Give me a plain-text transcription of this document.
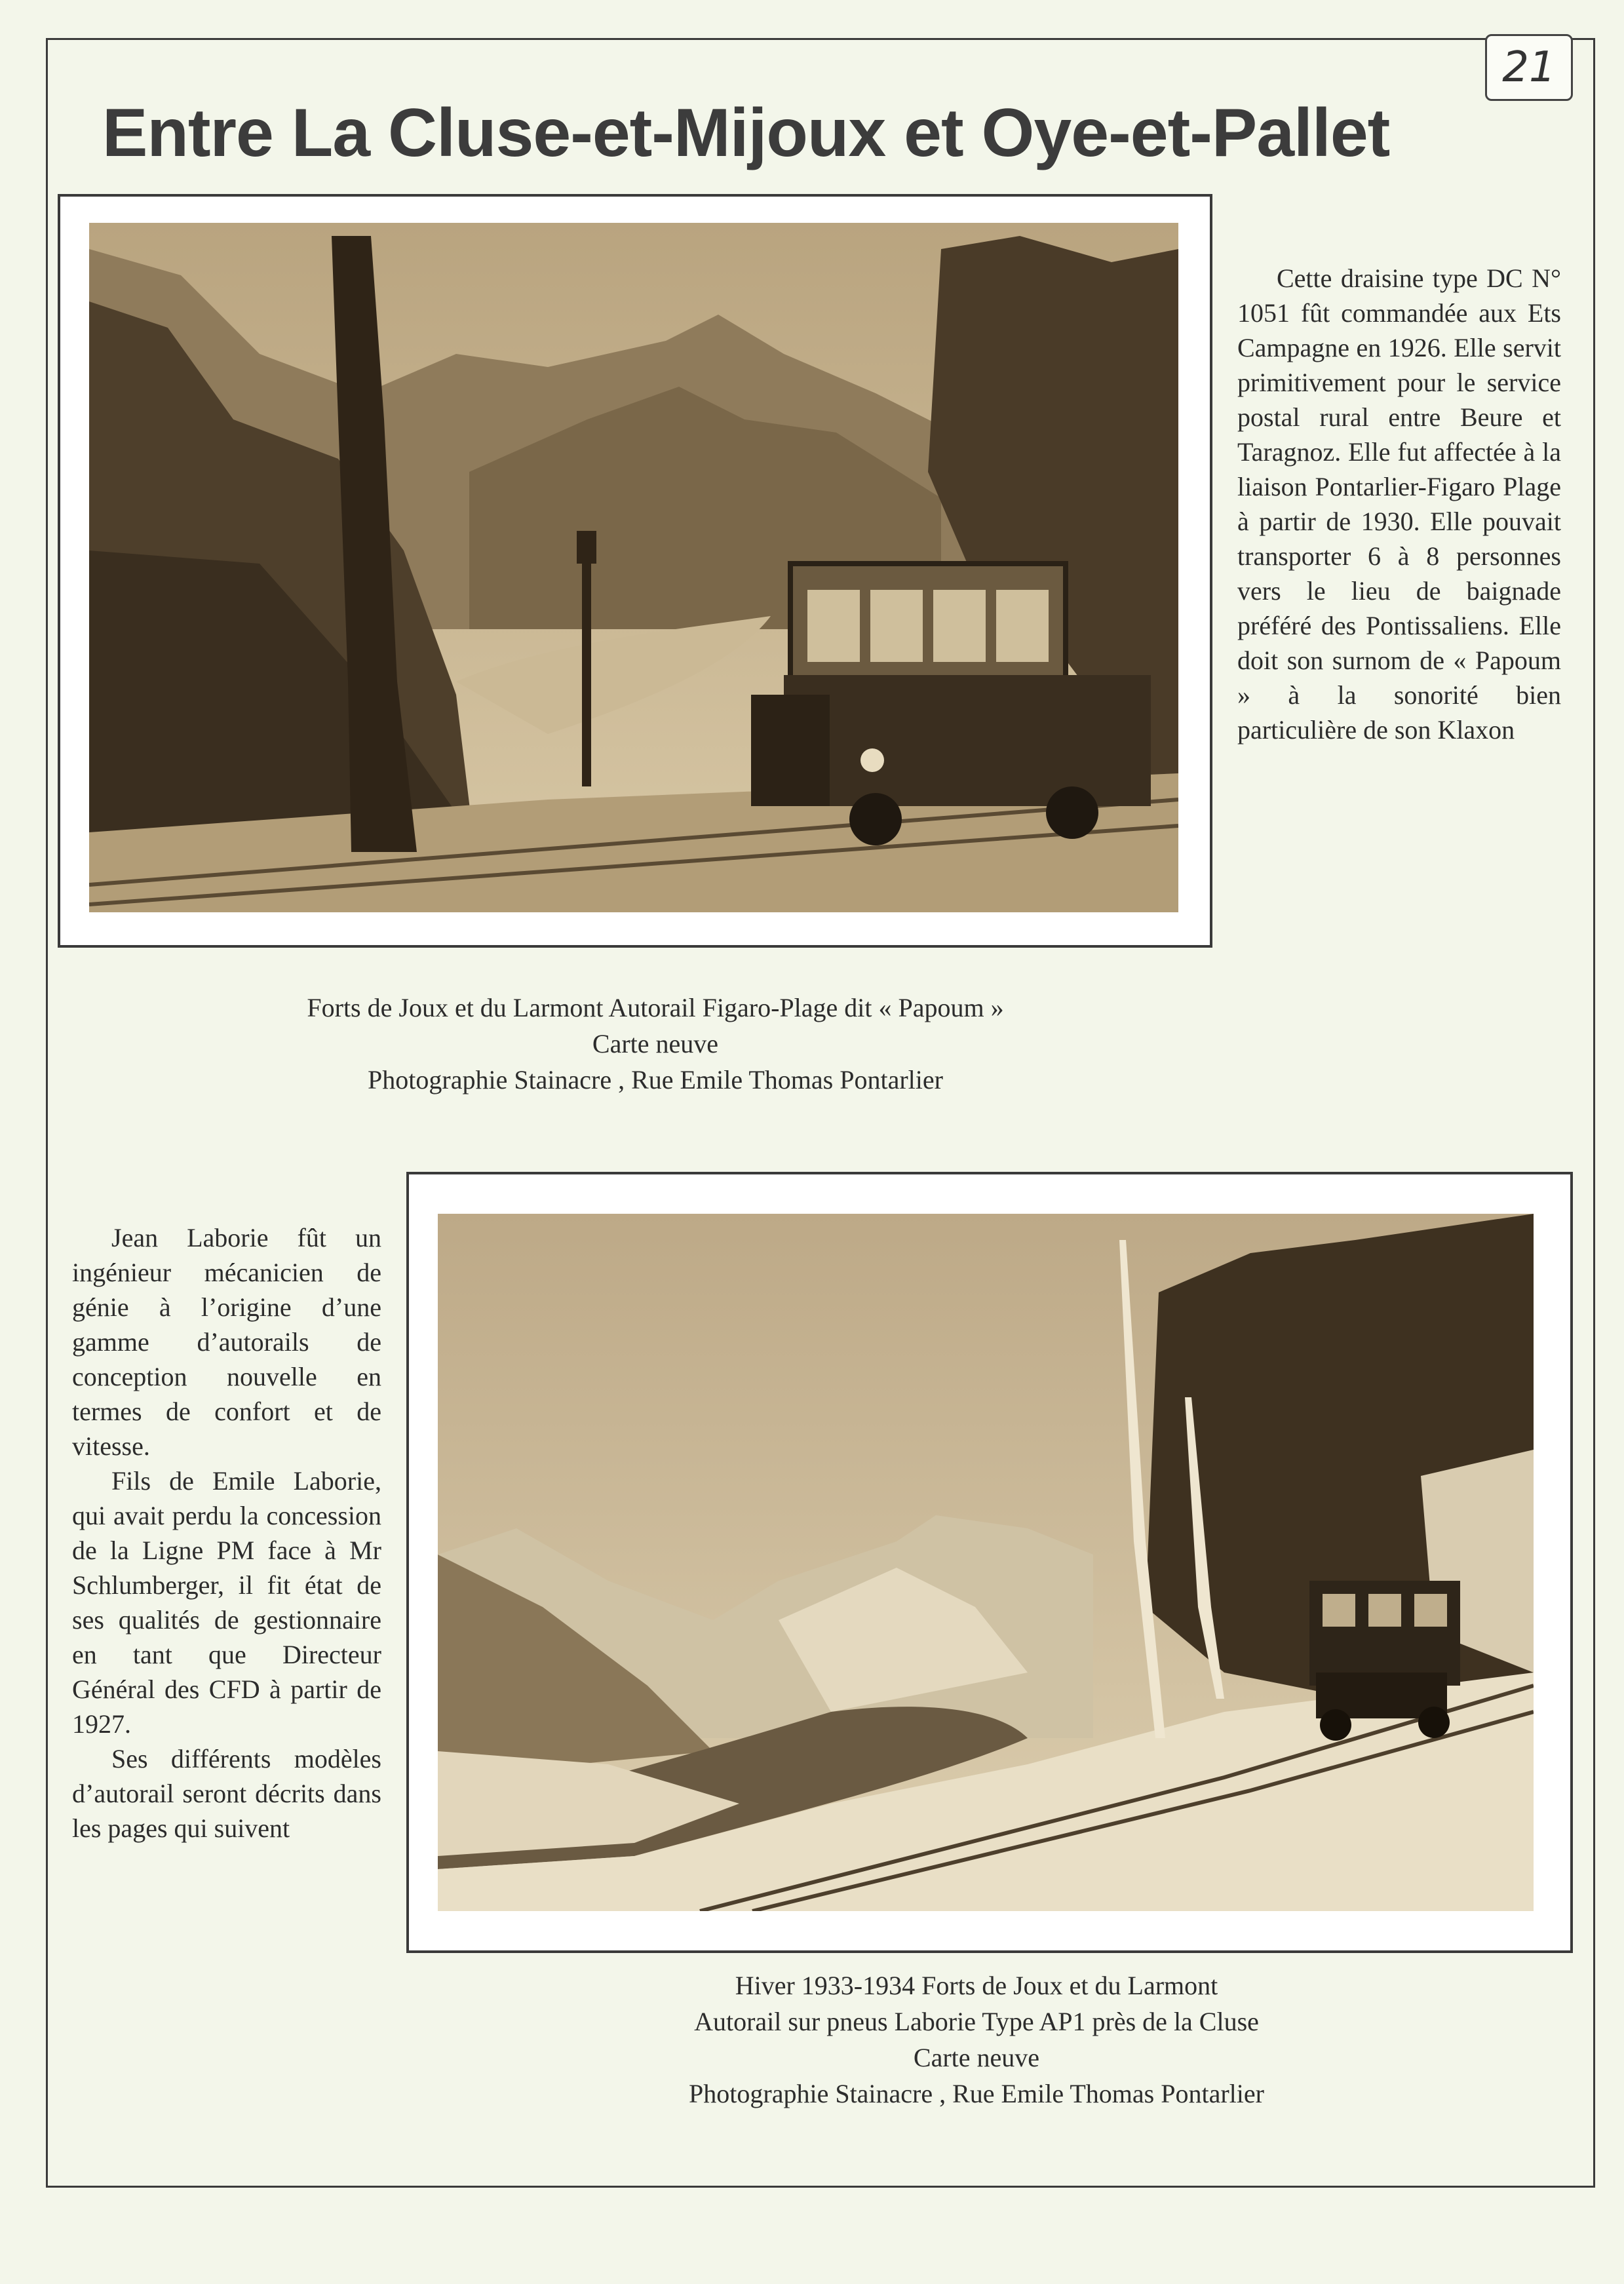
21
Entre La Cluse-et-Mijoux et Oye-et-Pallet
Cette draisine type DC N° 1051 fût commandée aux Ets Campagne en 1926. Elle servit primitivement pour le service postal rural entre Beure et Taragnoz. Elle fut affectée à la liaison Pontarlier-Figaro Plage à partir de 1930. Elle pouvait transporter 6 à 8 personnes vers le lieu de baignade préféré des Pontissaliens. Elle doit son surnom de « Papoum » à la sonorité bien particulière de son Klaxon
Forts de Joux et du Larmont Autorail Figaro-Plage dit « Papoum »
Carte neuve
Photographie Stainacre , Rue Emile Thomas Pontarlier
Jean Laborie fût un ingénieur mécanicien de génie à l’origine d’une gamme d’autorails de conception nouvelle en termes de confort et de vitesse.
Fils de Emile Laborie, qui avait perdu la concession de la Ligne PM face à Mr Schlumberger, il fit état de ses qualités de gestionnaire en tant que Directeur Général des CFD à partir de 1927.
Ses différents modèles d’autorail seront décrits dans les pages qui suivent
Hiver 1933-1934 Forts de Joux et du Larmont
Autorail sur pneus Laborie Type AP1 près de la Cluse
Carte neuve
Photographie Stainacre , Rue Emile Thomas Pontarlier
